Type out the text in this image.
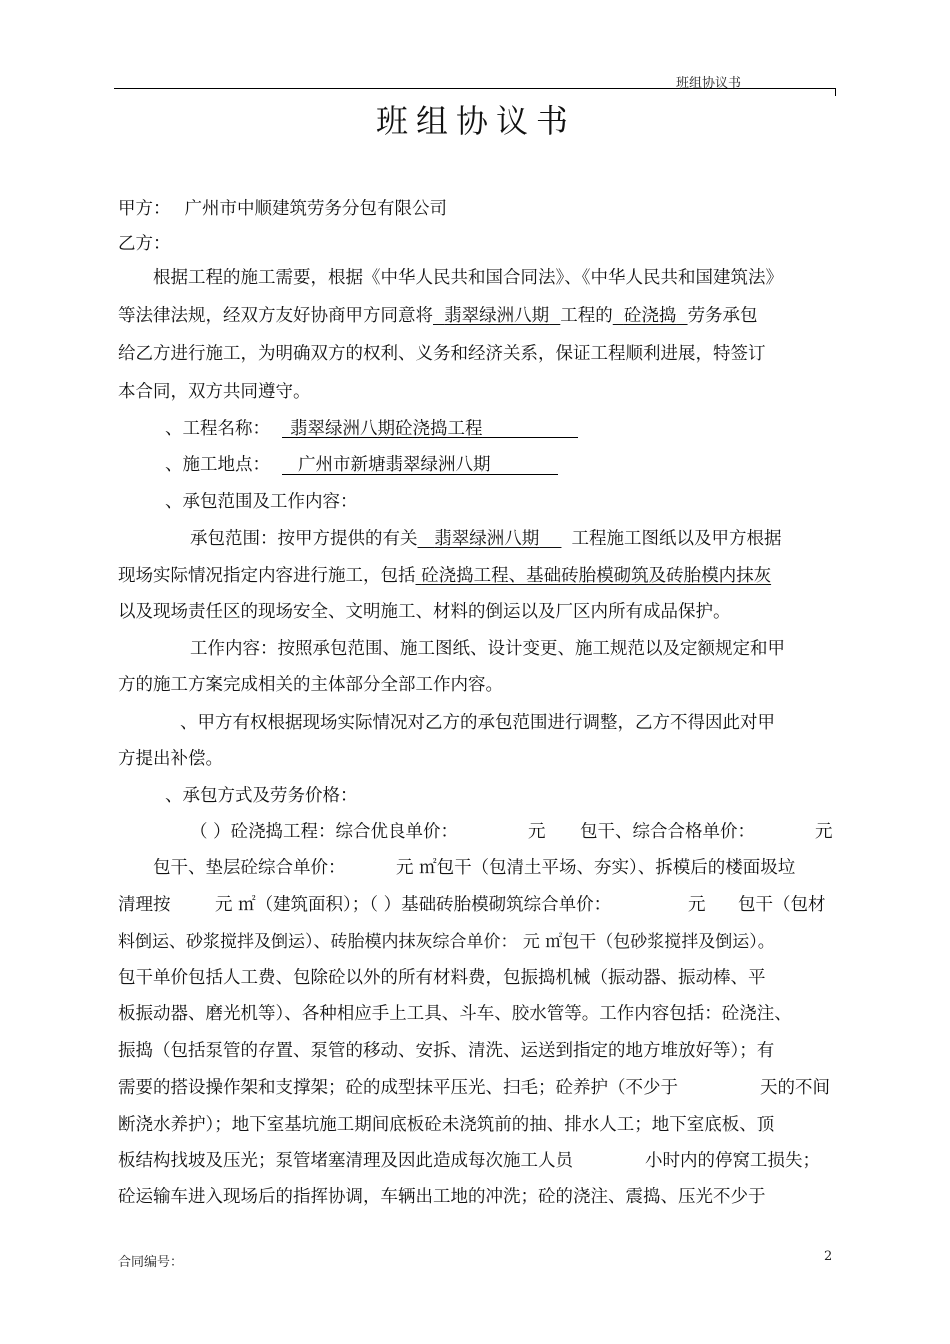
班组协议书
班组协议书
甲方： 广州市中顺建筑劳务分包有限公司
乙方：
根据工程的施工需要，根据《中华人民共和国合同法》、《中华人民共和国建筑法》
等法律法规，经双方友好协商甲方同意将 翡翠绿洲八期 工程的 砼浇捣 劳务承包
给乙方进行施工，为明确双方的权利、义务和经济关系，保证工程顺利进展，特签订
本合同，双方共同遵守。
、工程名称： 翡翠绿洲八期砼浇捣工程
、施工地点： 广州市新塘翡翠绿洲八期
、承包范围及工作内容：
承包范围：按甲方提供的有关 翡翠绿洲八期 工程施工图纸以及甲方根据
现场实际情况指定内容进行施工，包括 砼浇捣工程、基础砖胎模砌筑及砖胎模内抹灰
以及现场责任区的现场安全、文明施工、材料的倒运以及厂区内所有成品保护。
工作内容：按照承包范围、施工图纸、设计变更、施工规范以及定额规定和甲
方的施工方案完成相关的主体部分全部工作内容。
、甲方有权根据现场实际情况对乙方的承包范围进行调整，乙方不得因此对甲
方提出补偿。
、承包方式及劳务价格：
（ ）砼浇捣工程：综合优良单价：	元 包干、综合合格单价：	元
包干、垫层砼综合单价：	元 ㎡包干（包清土平场、夯实）、拆模后的楼面圾垃
清理按	元 ㎡（建筑面积）；（ ）基础砖胎模砌筑综合单价：	元 包干（包材
料倒运、砂浆搅拌及倒运）、砖胎模内抹灰综合单价： 元 ㎡包干（包砂浆搅拌及倒运）。
包干单价包括人工费、包除砼以外的所有材料费，包振捣机械（振动器、振动棒、平
板振动器、磨光机等）、各种相应手上工具、斗车、胶水管等。工作内容包括：砼浇注、
振捣（包括泵管的存置、泵管的移动、安拆、清洗、运送到指定的地方堆放好等）；有
需要的搭设操作架和支撑架；砼的成型抹平压光、扫毛；砼养护（不少于	天的不间
断浇水养护）；地下室基坑施工期间底板砼未浇筑前的抽、排水人工；地下室底板、顶
板结构找坡及压光；泵管堵塞清理及因此造成每次施工人员	小时内的停窝工损失；
砼运输车进入现场后的指挥协调，车辆出工地的冲洗；砼的浇注、震捣、压光不少于
合同编号：	2
